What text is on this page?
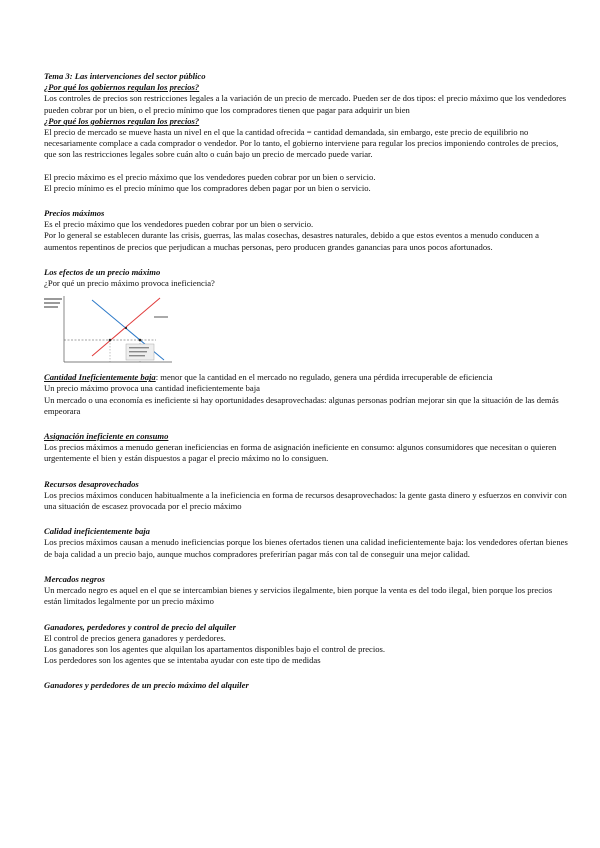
Tema 3: Las intervenciones del sector público

¿Por qué los gobiernos regulan los precios?

Los controles de precios son restricciones legales a la variación de un precio de mercado. Pueden ser de dos tipos: el precio máximo que los vendedores pueden cobrar por un bien, o el precio mínimo que los compradores tienen que pagar para adquirir un bien

¿Por qué los gobiernos regulan los precios?

El precio de mercado se mueve hasta un nivel en el que la cantidad ofrecida = cantidad demandada, sin embargo, este precio de equilibrio no necesariamente complace a cada comprador o vendedor. Por lo tanto, el gobierno interviene para regular los precios imponiendo controles de precios, que son las restricciones legales sobre cuán alto o cuán bajo un precio de mercado puede variar.

El precio máximo es el precio máximo que los vendedores pueden cobrar por un bien o servicio.

El precio mínimo es el precio mínimo que los compradores deben pagar por un bien o servicio.

Precios máximos

Es el precio máximo que los vendedores pueden cobrar por un bien o servicio.

Por lo general se establecen durante las crisis, guerras, las malas cosechas, desastres naturales, debido a que estos eventos a menudo conducen a aumentos repentinos de precios que perjudican a muchas personas, pero producen grandes ganancias para unos pocos afortunados.

Los efectos de un precio máximo

¿Por qué un precio máximo provoca ineficiencia?

Cantidad Ineficientemente baja: menor que la cantidad en el mercado no regulado, genera una pérdida irrecuperable de eficiencia

Un precio máximo provoca una cantidad ineficientemente baja

Un mercado o una economía es ineficiente si hay oportunidades desaprovechadas: algunas personas podrían mejorar sin que la situación de las demás empeorara

Asignación ineficiente en consumo

Los precios máximos a menudo generan ineficiencias en forma de asignación ineficiente en consumo: algunos consumidores que necesitan o quieren urgentemente el bien y están dispuestos a pagar el precio máximo no lo consiguen.

Recursos desaprovechados

Los precios máximos conducen habitualmente a la ineficiencia en forma de recursos desaprovechados: la gente gasta dinero y esfuerzos en convivir con una situación de escasez provocada por el precio máximo

Calidad ineficientemente baja

Los precios máximos causan a menudo ineficiencias porque los bienes ofertados tienen una calidad ineficientemente baja: los vendedores ofertan bienes de baja calidad a un precio bajo, aunque muchos compradores preferirían pagar más con tal de conseguir una mejor calidad.

Mercados negros

Un mercado negro es aquel en el que se intercambian bienes y servicios ilegalmente, bien porque la venta es del todo ilegal, bien porque los precios están limitados legalmente por un precio máximo

Ganadores, perdedores y control de precio del alquiler

El control de precios genera ganadores y perdedores.

Los ganadores son los agentes que alquilan los apartamentos disponibles bajo el control de precios.

Los perdedores son los agentes que se intentaba ayudar con este tipo de medidas

Ganadores y perdedores de un precio máximo del alquiler
